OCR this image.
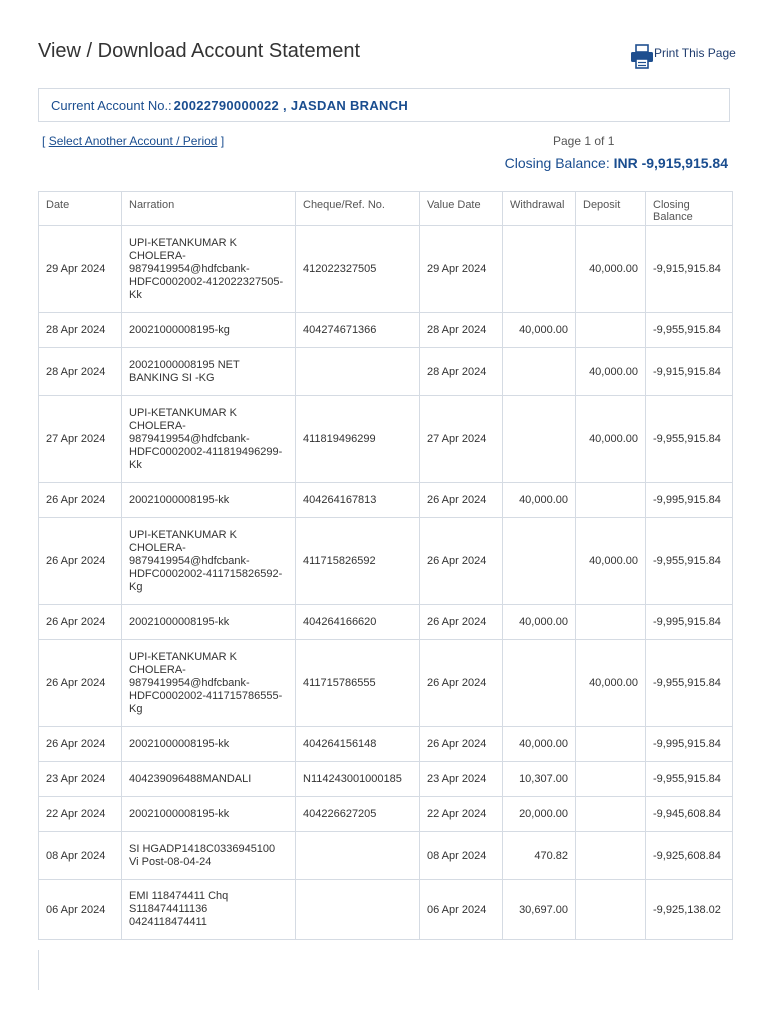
View / Download Account Statement	Print This Page
Current Account No.: 20022790000022 , JASDAN BRANCH
[ Select Another Account / Period ]	Page 1 of 1
Closing Balance: INR -9,915,915.84
Date	Narration	Cheque/Ref. No.	Value Date	Withdrawal	Deposit	Closing Balance
29 Apr 2024	UPI-KETANKUMAR K
CHOLERA-
9879419954@hdfcbank-
HDFC0002002-412022327505-
Kk	412022327505	29 Apr 2024		40,000.00	-9,915,915.84
28 Apr 2024	20021000008195-kg	404274671366	28 Apr 2024	40,000.00		-9,955,915.84
28 Apr 2024	20021000008195 NET
BANKING SI -KG		28 Apr 2024		40,000.00	-9,915,915.84
27 Apr 2024	UPI-KETANKUMAR K
CHOLERA-
9879419954@hdfcbank-
HDFC0002002-411819496299-
Kk	411819496299	27 Apr 2024		40,000.00	-9,955,915.84
26 Apr 2024	20021000008195-kk	404264167813	26 Apr 2024	40,000.00		-9,995,915.84
26 Apr 2024	UPI-KETANKUMAR K
CHOLERA-
9879419954@hdfcbank-
HDFC0002002-411715826592-
Kg	411715826592	26 Apr 2024		40,000.00	-9,955,915.84
26 Apr 2024	20021000008195-kk	404264166620	26 Apr 2024	40,000.00		-9,995,915.84
26 Apr 2024	UPI-KETANKUMAR K
CHOLERA-
9879419954@hdfcbank-
HDFC0002002-411715786555-
Kg	411715786555	26 Apr 2024		40,000.00	-9,955,915.84
26 Apr 2024	20021000008195-kk	404264156148	26 Apr 2024	40,000.00		-9,995,915.84
23 Apr 2024	404239096488MANDALI	N114243001000185	23 Apr 2024	10,307.00		-9,955,915.84
22 Apr 2024	20021000008195-kk	404226627205	22 Apr 2024	20,000.00		-9,945,608.84
08 Apr 2024	SI HGADP1418C0336945100
Vi Post-08-04-24		08 Apr 2024	470.82		-9,925,608.84
06 Apr 2024	EMI 118474411 Chq
S118474411136
0424118474411		06 Apr 2024	30,697.00		-9,925,138.02
